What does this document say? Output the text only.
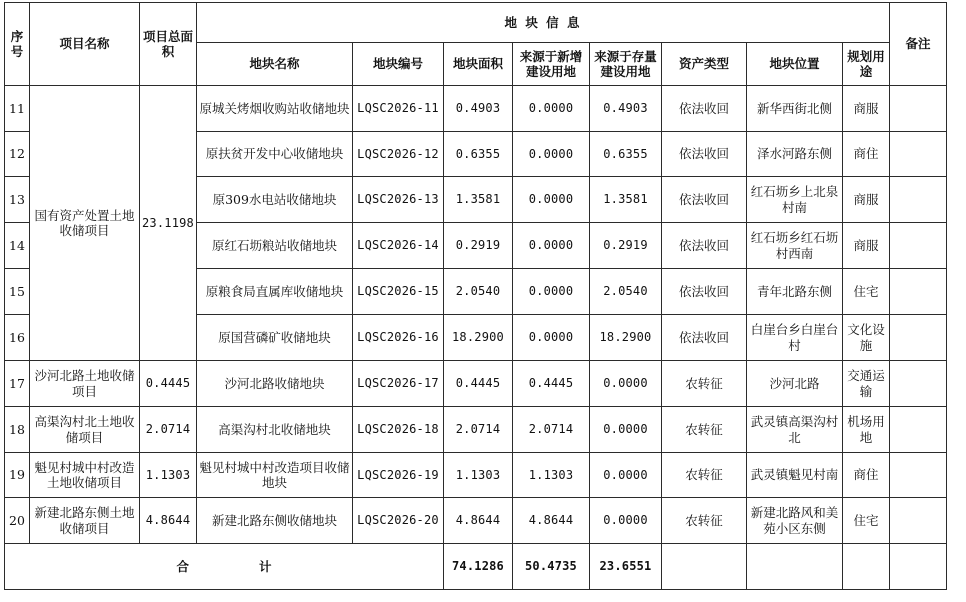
序号	项目名称	项目总面积	地 块 信 息								备注
			地块名称	地块编号	地块面积	来源于新增建设用地	来源于存量建设用地	资产类型	地块位置	规划用途	
11	国有资产处置土地收储项目	23.1198	原城关烤烟收购站收储地块	LQSC2026-11	0.4903	0.0000	0.4903	依法收回	新华西街北侧	商服	
12			原扶贫开发中心收储地块	LQSC2026-12	0.6355	0.0000	0.6355	依法收回	泽水河路东侧	商住	
13			原309水电站收储地块	LQSC2026-13	1.3581	0.0000	1.3581	依法收回	红石坜乡上北泉村南	商服	
14			原红石坜粮站收储地块	LQSC2026-14	0.2919	0.0000	0.2919	依法收回	红石坜乡红石坜村西南	商服	
15			原粮食局直属库收储地块	LQSC2026-15	2.0540	0.0000	2.0540	依法收回	青年北路东侧	住宅	
16			原国营磷矿收储地块	LQSC2026-16	18.2900	0.0000	18.2900	依法收回	白崖台乡白崖台村	文化设施	
17	沙河北路土地收储项目	0.4445	沙河北路收储地块	LQSC2026-17	0.4445	0.4445	0.0000	农转征	沙河北路	交通运输	
18	高渠沟村北土地收储项目	2.0714	高渠沟村北收储地块	LQSC2026-18	2.0714	2.0714	0.0000	农转征	武灵镇高渠沟村北	机场用地	
19	魁见村城中村改造土地收储项目	1.1303	魁见村城中村改造项目收储地块	LQSC2026-19	1.1303	1.1303	0.0000	农转征	武灵镇魁见村南	商住	
20	新建北路东侧土地收储项目	4.8644	新建北路东侧收储地块	LQSC2026-20	4.8644	4.8644	0.0000	农转征	新建北路风和美苑小区东侧	住宅	
合 计					74.1286	50.4735	23.6551				
